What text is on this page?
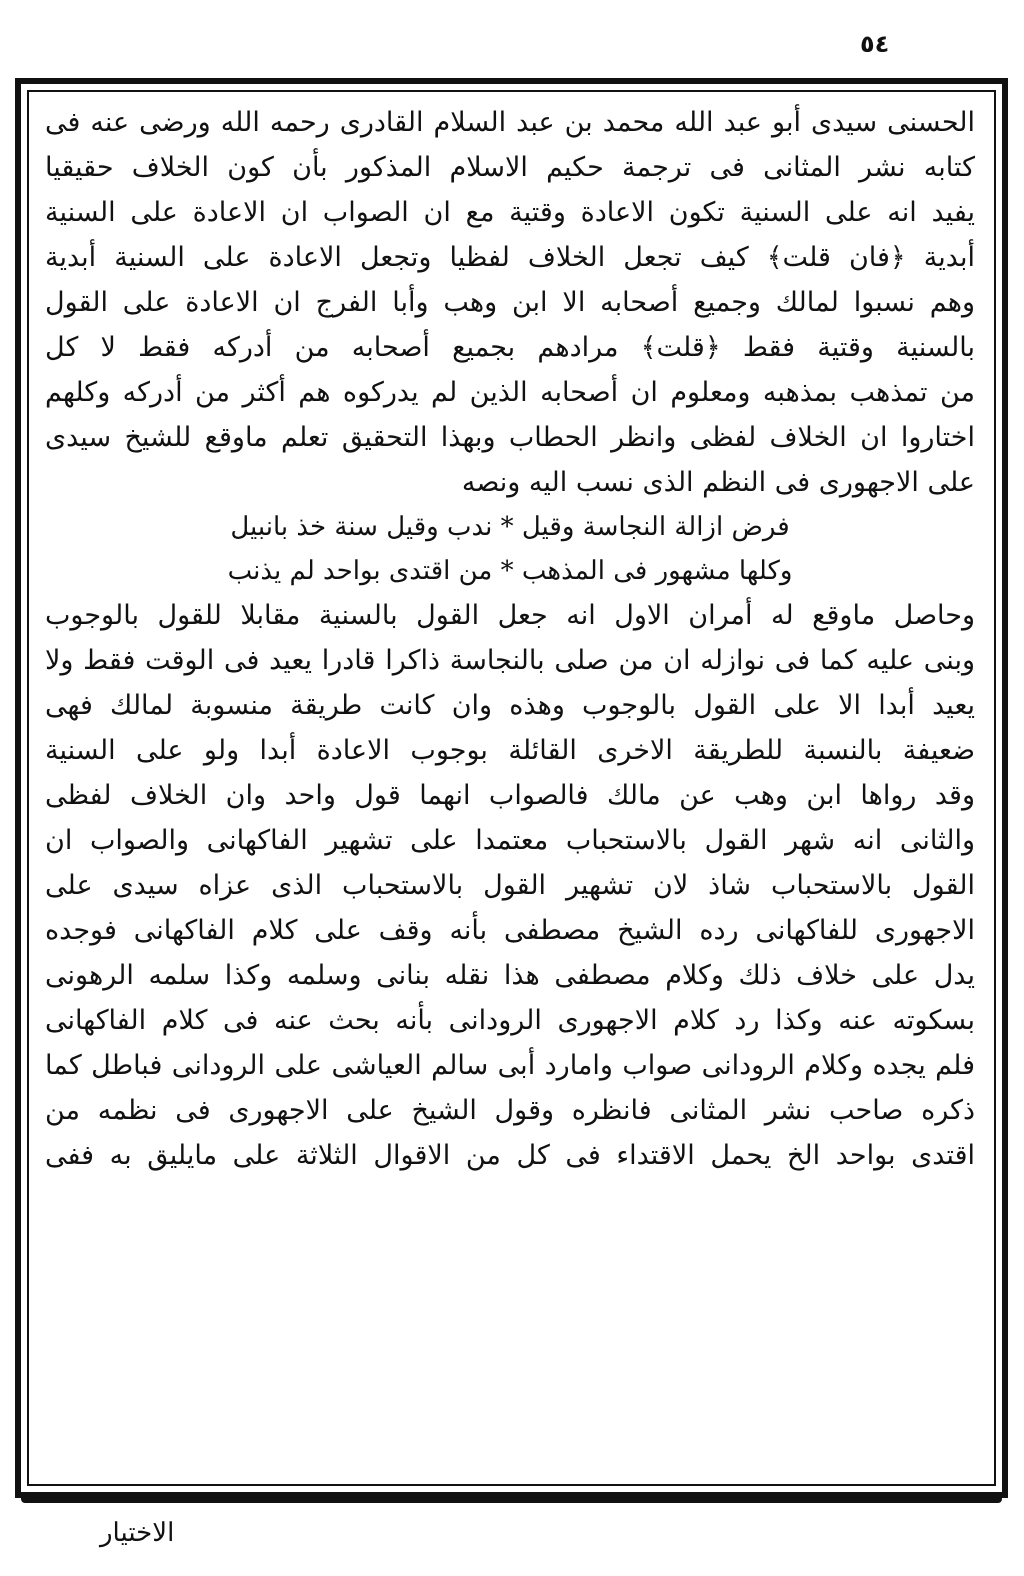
٥٤
الحسنى سيدى أبو عبد الله محمد بن عبد السلام القادرى رحمه الله ورضى عنه فى
كتابه نشر المثانى فى ترجمة حكيم الاسلام المذكور بأن كون الخلاف حقيقيا
يفيد انه على السنية تكون الاعادة وقتية مع ان الصواب ان الاعادة على السنية
أبدية ﴿فان قلت﴾ كيف تجعل الخلاف لفظيا وتجعل الاعادة على السنية أبدية
وهم نسبوا لمالك وجميع أصحابه الا ابن وهب وأبا الفرج ان الاعادة على القول
بالسنية وقتية فقط ﴿قلت﴾ مرادهم بجميع أصحابه من أدركه فقط لا كل
من تمذهب بمذهبه ومعلوم ان أصحابه الذين لم يدركوه هم أكثر من أدركه وكلهم
اختاروا ان الخلاف لفظى وانظر الحطاب وبهذا التحقيق تعلم ماوقع للشيخ سيدى
على الاجهورى فى النظم الذى نسب اليه ونصه
فرض ازالة النجاسة وقيل * ندب وقيل سنة خذ بانبيل
وكلها مشهور فى المذهب * من اقتدى بواحد لم يذنب
وحاصل ماوقع له أمران الاول انه جعل القول بالسنية مقابلا للقول بالوجوب
وبنى عليه كما فى نوازله ان من صلى بالنجاسة ذاكرا قادرا يعيد فى الوقت فقط ولا
يعيد أبدا الا على القول بالوجوب وهذه وان كانت طريقة منسوبة لمالك فهى
ضعيفة بالنسبة للطريقة الاخرى القائلة بوجوب الاعادة أبدا ولو على السنية
وقد رواها ابن وهب عن مالك فالصواب انهما قول واحد وان الخلاف لفظى
والثانى انه شهر القول بالاستحباب معتمدا على تشهير الفاكهانى والصواب ان
القول بالاستحباب شاذ لان تشهير القول بالاستحباب الذى عزاه سيدى على
الاجهورى للفاكهانى رده الشيخ مصطفى بأنه وقف على كلام الفاكهانى فوجده
يدل على خلاف ذلك وكلام مصطفى هذا نقله بنانى وسلمه وكذا سلمه الرهونى
بسكوته عنه وكذا رد كلام الاجهورى الرودانى بأنه بحث عنه فى كلام الفاكهانى
فلم يجده وكلام الرودانى صواب وامارد أبى سالم العياشى على الرودانى فباطل كما
ذكره صاحب نشر المثانى فانظره وقول الشيخ على الاجهورى فى نظمه من
اقتدى بواحد الخ يحمل الاقتداء فى كل من الاقوال الثلاثة على مايليق به ففى
الاختيار
